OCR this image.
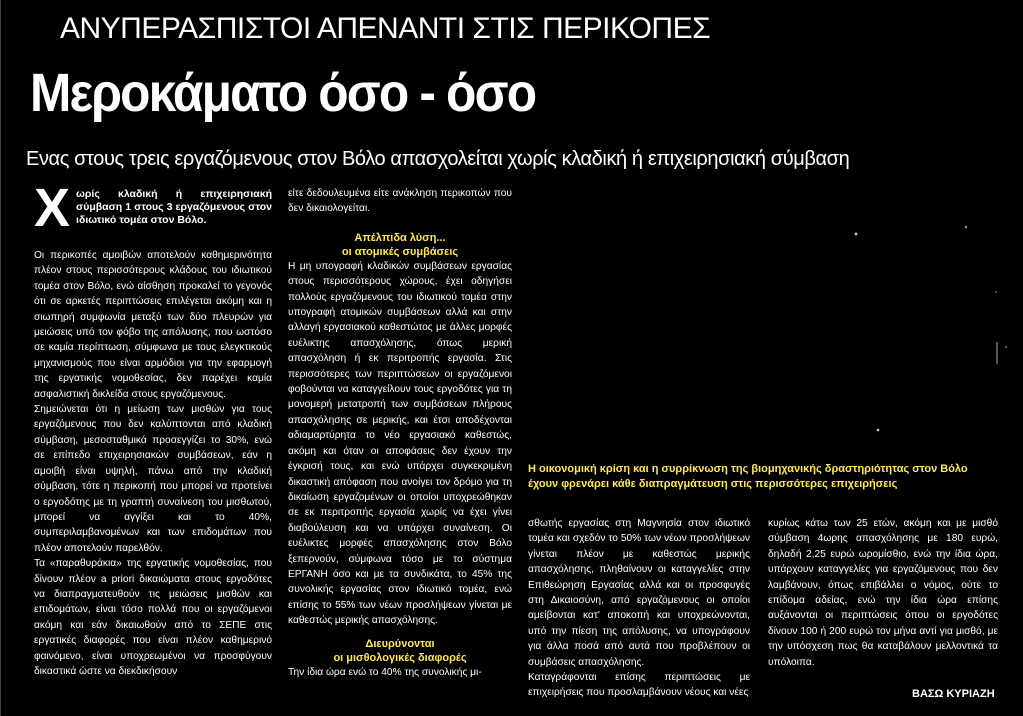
ΑΝΥΠΕΡΑΣΠΙΣΤΟΙ ΑΠΕΝΑΝΤΙ ΣΤΙΣ ΠΕΡΙΚΟΠΕΣ
Μεροκάματο όσο - όσο
Ενας στους τρεις εργαζόμενους στον Βόλο απασχολείται χωρίς κλαδική ή επιχειρησιακή σύμβαση
Χ ωρίς κλαδική ή επιχειρησιακή σύμβαση 1 στους 3 εργαζόμενους στον ιδιωτικό τομέα στον Βόλο.

Οι περικοπές αμοιβών αποτελούν καθημερινότητα πλέον στους περισσότερους κλάδους του ιδιωτικού τομέα στον Βόλο, ενώ αίσθηση προκαλεί το γεγονός ότι σε αρκετές περιπτώσεις επιλέγεται ακόμη και η σιωπηρή συμφωνία μεταξύ των δύο πλευρών για μειώσεις υπό τον φόβο της απόλυσης, που ωστόσο σε καμία περίπτωση, σύμφωνα με τους ελεγκτικούς μηχανισμούς που είναι αρμόδιοι για την εφαρμογή της εργατικής νομοθεσίας, δεν παρέχει καμία ασφαλιστική δικλείδα στους εργαζόμενους.

Σημειώνεται ότι η μείωση των μισθών για τους εργαζόμενους που δεν καλύπτονται από κλαδική σύμβαση, μεσοσταθμικά προσεγγίζει το 30%, ενώ σε επίπεδο επιχειρησιακών συμβάσεων, εάν η αμοιβή είναι υψηλή, πάνω από την κλαδική σύμβαση, τότε η περικοπή που μπορεί να προτείνει ο εργοδότης με τη γραπτή συναίνεση του μισθωτού, μπορεί να αγγίξει και το 40%, συμπεριλαμβανομένων και των επιδομάτων που πλέον αποτελούν παρελθόν.

Τα «παραθυράκια» της εργατικής νομοθεσίας, που δίνουν πλέον a priori δικαιώματα στους εργοδότες να διαπραγματευθούν τις μειώσεις μισθών και επιδομάτων, είναι τόσο πολλά που οι εργαζόμενοι ακόμη και εάν δικαιωθούν από το ΣΕΠΕ στις εργατικές διαφορές που είναι πλέον καθημερινό φαινόμενο, είναι υποχρεωμένοι να προσφύγουν δικαστικά ώστε να διεκδικήσουν

είτε δεδουλευμένα είτε ανάκληση περικοπών που δεν δικαιολογείται.

Απέλπιδα λύση...
οι ατομικές συμβάσεις

Η μη υπογραφή κλαδικών συμβάσεων εργασίας στους περισσότερους χώρους, έχει οδηγήσει πολλούς εργαζόμενους του ιδιωτικού τομέα στην υπογραφή ατομικών συμβάσεων αλλά και στην αλλαγή εργασιακού καθεστώτος με άλλες μορφές ευέλικτης απασχόλησης, όπως μερική απασχόληση ή εκ περιτροπής εργασία. Στις περισσότερες των περιπτώσεων οι εργαζόμενοι φοβούνται να καταγγείλουν τους εργοδότες για τη μονομερή μετατροπή των συμβάσεων πλήρους απασχόλησης σε μερικής, και έτσι αποδέχονται αδιαμαρτύρητα το νέο εργασιακό καθεστώς, ακόμη και όταν οι αποφάσεις δεν έχουν την έγκρισή τους, και ενώ υπάρχει συγκεκριμένη δικαστική απόφαση που ανοίγει τον δρόμο για τη δικαίωση εργαζομένων οι οποίοι υποχρεώθηκαν σε εκ περιτροπής εργασία χωρίς να έχει γίνει διαβούλευση και να υπάρχει συναίνεση. Οι ευέλικτες μορφές απασχόλησης στον Βόλο ξεπερνούν, σύμφωνα τόσο με το σύστημα ΕΡΓΑΝΗ όσο και με τα συνδικάτα, το 45% της συνολικής εργασίας στον ιδιωτικό τομέα, ενώ επίσης το 55% των νέων προσλήψεων γίνεται με καθεστώς μερικής απασχόλησης.

Διευρύνονται
οι μισθολογικές διαφορές

Την ίδια ώρα ενώ το 40% της συνολικής μι-

Η οικονομική κρίση και η συρρίκνωση της βιομηχανικής δραστηριότητας στον Βόλο έχουν φρενάρει κάθε διαπραγμάτευση στις περισσότερες επιχειρήσεις

σθωτής εργασίας στη Μαγνησία στον ιδιωτικό τομέα και σχεδόν το 50% των νέων προσλήψεων γίνεται πλέον με καθεστώς μερικής απασχόλησης, πληθαίνουν οι καταγγελίες στην Επιθεώρηση Εργασίας αλλά και οι προσφυγές στη Δικαιοσύνη, από εργαζόμενους οι οποίοι αμείβονται κατ' αποκοπή και υποχρεώνονται, υπό την πίεση της απόλυσης, να υπογράφουν για άλλα ποσά από αυτά που προβλέπουν οι συμβάσεις απασχόλησης.

Καταγράφονται επίσης περιπτώσεις με επιχειρήσεις που προσλαμβάνουν νέους και νέες

κυρίως κάτω των 25 ετών, ακόμη και με μισθό σύμβαση 4ωρης απασχόλησης με 180 ευρώ, δηλαδή 2,25 ευρώ ωρομίσθιο, ενώ την ίδια ώρα, υπάρχουν καταγγελίες για εργαζόμενους που δεν λαμβάνουν, όπως επιβάλλει ο νόμος, ούτε το επίδομα αδείας, ενώ την ίδια ώρα επίσης αυξάνονται οι περιπτώσεις όπου οι εργοδότες δίνουν 100 ή 200 ευρώ τον μήνα αντί για μισθό, με την υπόσχεση πως θα καταβάλουν μελλοντικά τα υπόλοιπα.

ΒΑΣΩ ΚΥΡΙΑΖΗ
